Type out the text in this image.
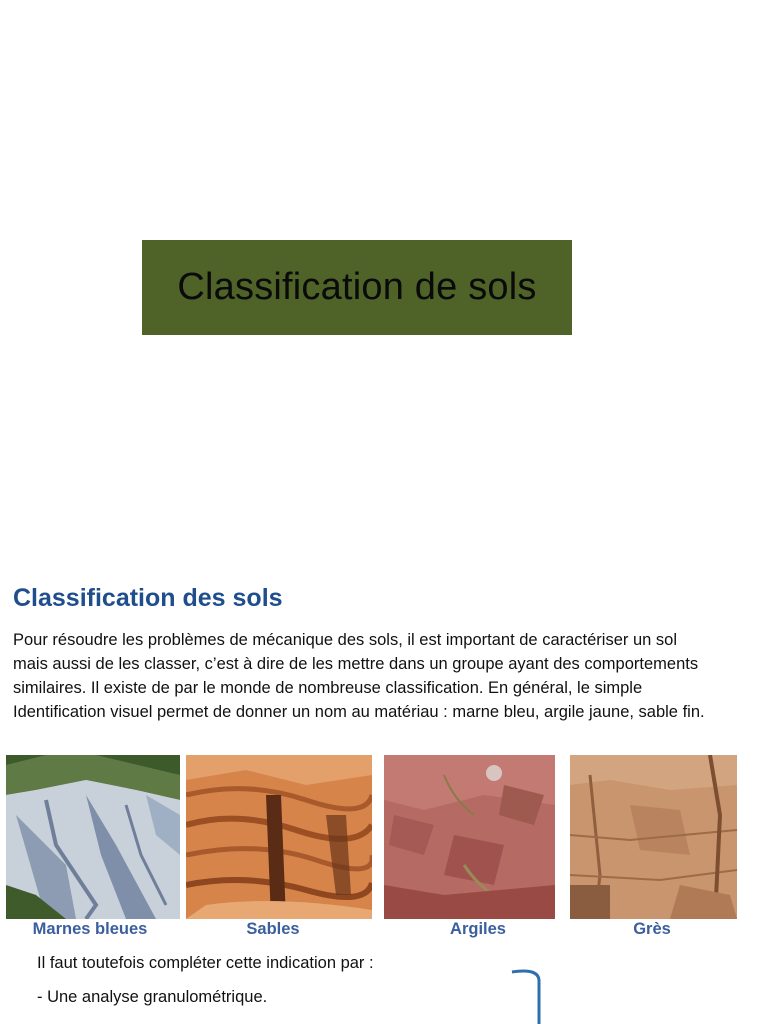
Classification de sols
Classification des sols
Pour résoudre les problèmes de mécanique des sols, il est important de caractériser un sol mais aussi de les classer, c’est à dire de les mettre dans un groupe ayant des comportements similaires. Il existe de par le monde de nombreuse classification. En général, le simple Identification visuel permet de donner un nom au matériau : marne bleu, argile jaune, sable fin.
Marnes bleues	Sables	Argiles	Grès
Il faut toutefois compléter cette indication par :
- Une analyse granulométrique.
